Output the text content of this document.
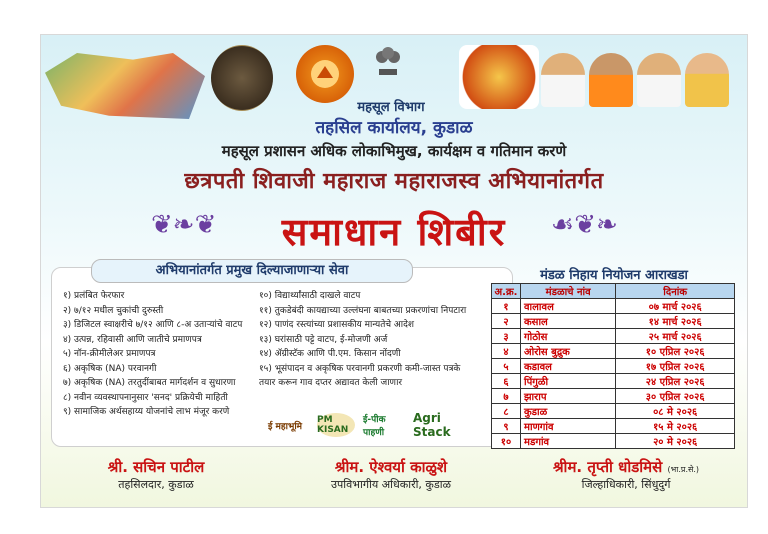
महसूल विभाग
तहसिल कार्यालय, कुडाळ
महसूल प्रशासन अधिक लोकाभिमुख, कार्यक्षम व गतिमान करणे
छत्रपती शिवाजी महाराज महाराजस्व अभियानांतर्गत
❦❧❦	समाधान शिबीर	☙❦❧
अभियानांतर्गत प्रमुख दिल्याजाणाऱ्या सेवा
१) प्रलंबित फेरफार
२) ७/१२ मधील चुकांची दुरुस्ती
३) डिजिटल स्वाक्षरीचे ७/१२ आणि ८-अ उताऱ्यांचे वाटप
४) उत्पन्न, रहिवासी आणि जातीचे प्रमाणपत्र
५) नॉन-क्रीमीलेअर प्रमाणपत्र
६) अकृषिक (NA) परवानगी
७) अकृषिक (NA) तरतुदींबाबत मार्गदर्शन व सुधारणा
८) नवीन व्यवस्थापनानुसार 'सनद' प्रक्रियेची माहिती
९) सामाजिक अर्थसहाय्य योजनांचे लाभ मंजूर करणे
१०) विद्यार्थ्यांसाठी दाखले वाटप
११) तुकडेबंदी कायद्याच्या उल्लंघना बाबतच्या प्रकरणांचा निपटारा
१२) पाणंद रस्त्यांच्या प्रशासकीय मान्यतेचे आदेश
१३) घरांसाठी पट्टे वाटप, ई-मोजणी अर्ज
१४) ॲग्रीस्टॅक आणि पी.एम. किसान नोंदणी
१५) भूसंपादन व अकृषिक परवानगी प्रकरणी कमी-जास्त पत्रके
तयार करून गाव दप्तर अद्यावत केली जाणार
ई महाभूमि
PM KISAN
ई-पीक पाहणी
Agri Stack
मंडळ निहाय नियोजन आराखडा
अ.क्र.	मंडळाचे नांव	दिनांक
१	वालावल	०७ मार्च २०२६
२	कसाल	१४ मार्च २०२६
३	गोठोस	२५ मार्च २०२६
४	ओरोस बुद्रुक	१० एप्रिल २०२६
५	कडावल	१७ एप्रिल २०२६
६	पिंगुळी	२४ एप्रिल २०२६
७	झाराप	३० एप्रिल २०२६
८	कुडाळ	०८ मे २०२६
९	माणगांव	१५ मे २०२६
१०	मडगांव	२० मे २०२६
श्री. सचिन पाटील
तहसिलदार, कुडाळ
श्रीम. ऐश्वर्या काळुशे
उपविभागीय अधिकारी, कुडाळ
श्रीम. तृप्ती धोडमिसे (भा.प्र.से.)
जिल्हाधिकारी, सिंधुदुर्ग
